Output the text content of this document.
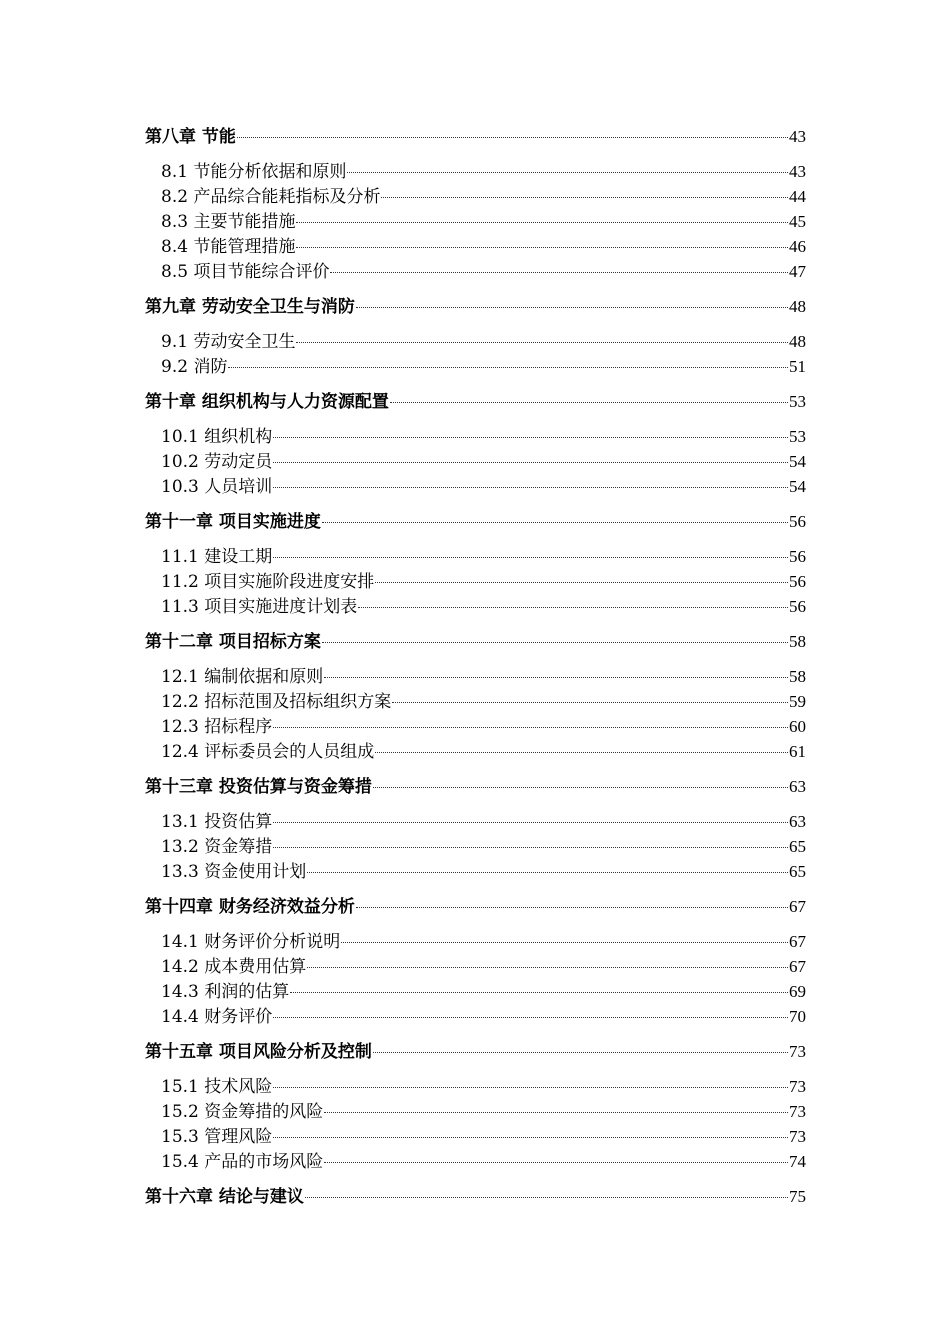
第八章 节能	43
8.1 节能分析依据和原则	43
8.2 产品综合能耗指标及分析	44
8.3 主要节能措施	45
8.4 节能管理措施	46
8.5 项目节能综合评价	47
第九章 劳动安全卫生与消防	48
9.1 劳动安全卫生	48
9.2 消防	51
第十章 组织机构与人力资源配置	53
10.1 组织机构	53
10.2 劳动定员	54
10.3 人员培训	54
第十一章 项目实施进度	56
11.1 建设工期	56
11.2 项目实施阶段进度安排	56
11.3 项目实施进度计划表	56
第十二章 项目招标方案	58
12.1 编制依据和原则	58
12.2 招标范围及招标组织方案	59
12.3 招标程序	60
12.4 评标委员会的人员组成	61
第十三章 投资估算与资金筹措	63
13.1 投资估算	63
13.2 资金筹措	65
13.3 资金使用计划	65
第十四章 财务经济效益分析	67
14.1 财务评价分析说明	67
14.2 成本费用估算	67
14.3 利润的估算	69
14.4 财务评价	70
第十五章 项目风险分析及控制	73
15.1 技术风险	73
15.2 资金筹措的风险	73
15.3 管理风险	73
15.4 产品的市场风险	74
第十六章 结论与建议	75
